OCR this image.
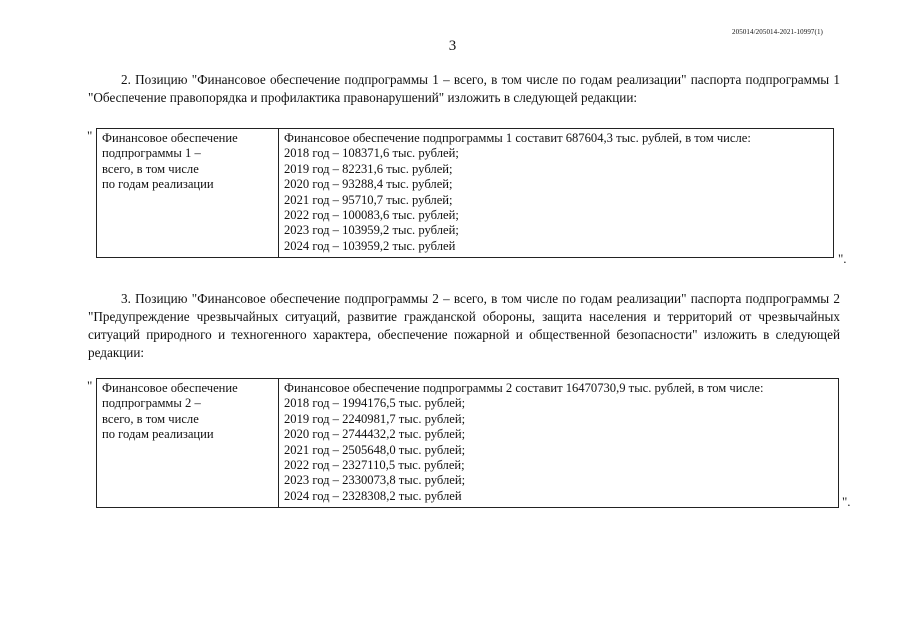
205014/205014-2021-10997(1)
3

2. Позицию "Финансовое обеспечение подпрограммы 1 – всего, в том числе по годам реализации" паспорта подпрограммы 1 "Обеспечение правопорядка и профилактика правонарушений" изложить в следующей редакции:

" Финансовое обеспечение
подпрограммы 1 –
всего, в том числе
по годам реализации

Финансовое обеспечение подпрограммы 1 составит 687604,3 тыс. рублей, в том числе:
2018 год – 108371,6 тыс. рублей;
2019 год – 82231,6 тыс. рублей;
2020 год – 93288,4 тыс. рублей;
2021 год – 95710,7 тыс. рублей;
2022 год – 100083,6 тыс. рублей;
2023 год – 103959,2 тыс. рублей;
2024 год – 103959,2 тыс. рублей
".

3. Позицию "Финансовое обеспечение подпрограммы 2 – всего, в том числе по годам реализации" паспорта подпрограммы 2 "Предупреждение чрезвычайных ситуаций, развитие гражданской обороны, защита населения и территорий от чрезвычайных ситуаций природного и техногенного характера, обеспечение пожарной и общественной безопасности" изложить в следующей редакции:

" Финансовое обеспечение
подпрограммы 2 –
всего, в том числе
по годам реализации

Финансовое обеспечение подпрограммы 2 составит 16470730,9 тыс. рублей, в том числе:
2018 год – 1994176,5 тыс. рублей;
2019 год – 2240981,7 тыс. рублей;
2020 год – 2744432,2 тыс. рублей;
2021 год – 2505648,0 тыс. рублей;
2022 год – 2327110,5 тыс. рублей;
2023 год – 2330073,8 тыс. рублей;
2024 год – 2328308,2 тыс. рублей	".
